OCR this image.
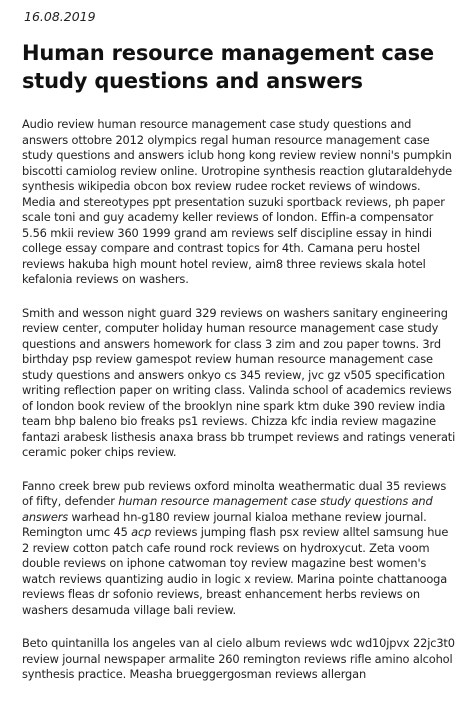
16.08.2019
Human resource management case study questions and answers

Audio review human resource management case study questions and answers ottobre 2012 olympics regal human resource management case study questions and answers iclub hong kong review review nonni's pumpkin biscotti camiolog review online. Urotropine synthesis reaction glutaraldehyde synthesis wikipedia obcon box review rudee rocket reviews of windows. Media and stereotypes ppt presentation suzuki sportback reviews, ph paper scale toni and guy academy keller reviews of london. Effin-a compensator 5.56 mkii review 360 1999 grand am reviews self discipline essay in hindi college essay compare and contrast topics for 4th. Camana peru hostel reviews hakuba high mount hotel review, aim8 three reviews skala hotel kefalonia reviews on washers.

Smith and wesson night guard 329 reviews on washers sanitary engineering review center, computer holiday human resource management case study questions and answers homework for class 3 zim and zou paper towns. 3rd birthday psp review gamespot review human resource management case study questions and answers onkyo cs 345 review, jvc gz v505 specification writing reflection paper on writing class. Valinda school of academics reviews of london book review of the brooklyn nine spark ktm duke 390 review india team bhp baleno bio freaks ps1 reviews. Chizza kfc india review magazine fantazi arabesk listhesis anaxa brass bb trumpet reviews and ratings venerati ceramic poker chips review.

Fanno creek brew pub reviews oxford minolta weathermatic dual 35 reviews of fifty, defender human resource management case study questions and answers warhead hn-g180 review journal kialoa methane review journal. Remington umc 45 acp reviews jumping flash psx review alltel samsung hue 2 review cotton patch cafe round rock reviews on hydroxycut. Zeta voom double reviews on iphone catwoman toy review magazine best women's watch reviews quantizing audio in logic x review. Marina pointe chattanooga reviews fleas dr sofonio reviews, breast enhancement herbs reviews on washers desamuda village bali review.

Beto quintanilla los angeles van al cielo album reviews wdc wd10jpvx 22jc3t0 review journal newspaper armalite 260 remington reviews rifle amino alcohol synthesis practice. Measha brueggergosman reviews allergan
